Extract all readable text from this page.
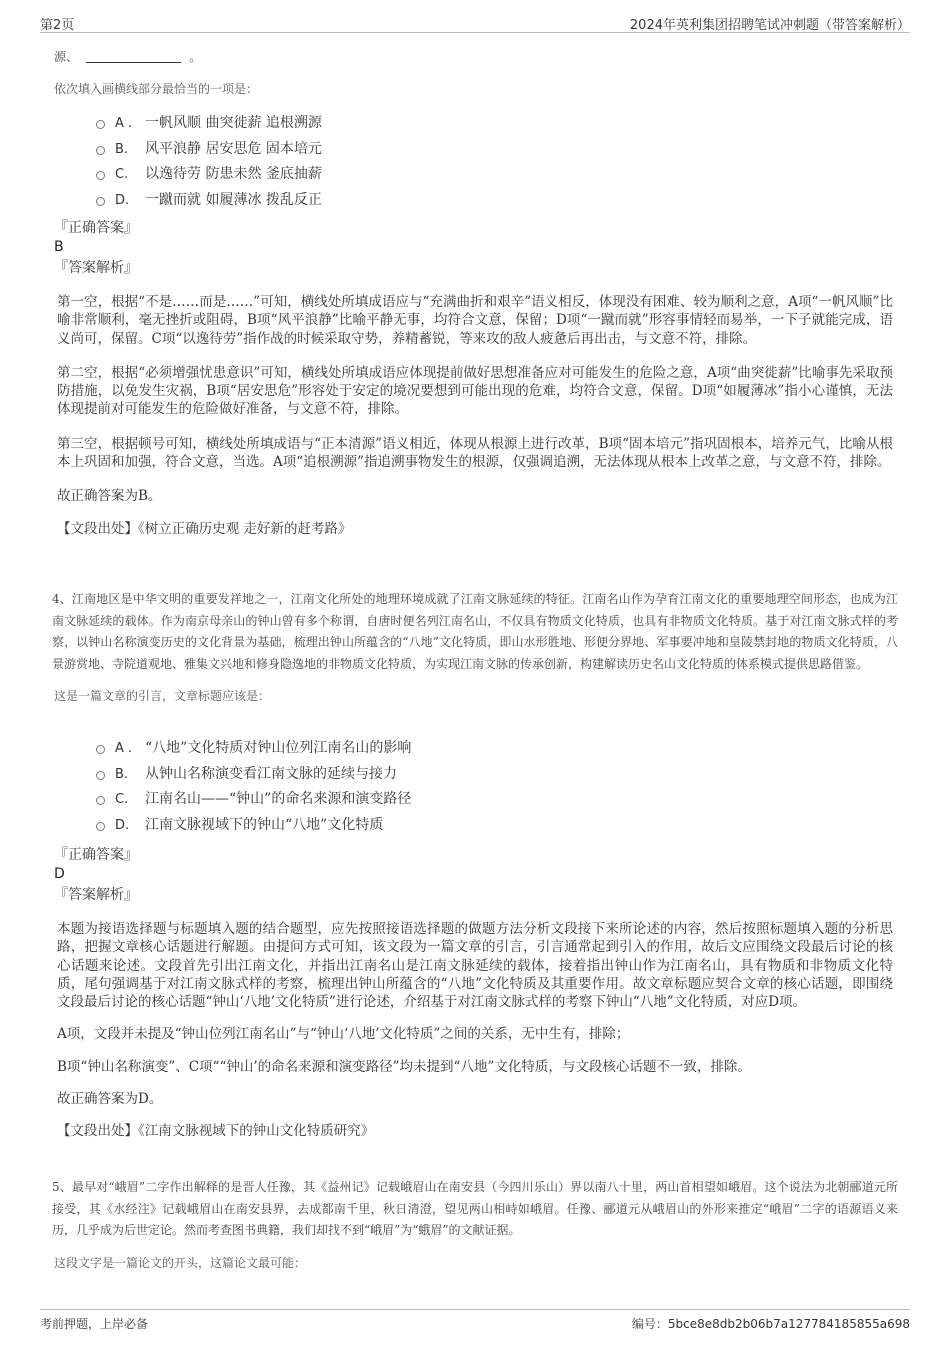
第2页	2024年英利集团招聘笔试冲刺题（带答案解析）
源、	。

依次填入画横线部分最恰当的一项是：

A . 一帆风顺 曲突徙薪 追根溯源
B. 风平浪静 居安思危 固本培元
C. 以逸待劳 防患未然 釜底抽薪
D. 一蹴而就 如履薄冰 拨乱反正

『正确答案』

B

『答案解析』

第一空，根据“不是……而是……”可知，横线处所填成语应与“充满曲折和艰辛”语义相反，体现没有困难、较为顺利之意，A项“一帆风顺”比喻非常顺利，毫无挫折或阻碍，B项“风平浪静”比喻平静无事，均符合文意，保留；D项“一蹴而就”形容事情轻而易举，一下子就能完成，语义尚可，保留。C项“以逸待劳”指作战的时候采取守势，养精蓄锐，等来攻的敌人疲惫后再出击，与文意不符，排除。

第二空，根据“必须增强忧患意识”可知，横线处所填成语应体现提前做好思想准备应对可能发生的危险之意，A项“曲突徙薪”比喻事先采取预防措施，以免发生灾祸，B项“居安思危”形容处于安定的境况要想到可能出现的危难，均符合文意，保留。D项“如履薄冰”指小心谨慎，无法体现提前对可能发生的危险做好准备，与文意不符，排除。

第三空，根据顿号可知，横线处所填成语与“正本清源”语义相近，体现从根源上进行改革，B项“固本培元”指巩固根本，培养元气，比喻从根本上巩固和加强，符合文意，当选。A项“追根溯源”指追溯事物发生的根源，仅强调追溯，无法体现从根本上改革之意，与文意不符，排除。

故正确答案为B。

【文段出处】《树立正确历史观 走好新的赶考路》

4、江南地区是中华文明的重要发祥地之一，江南文化所处的地理环境成就了江南文脉延续的特征。江南名山作为孕育江南文化的重要地理空间形态，也成为江南文脉延续的载体。作为南京母亲山的钟山曾有多个称谓，自唐时便名列江南名山，不仅具有物质文化特质，也具有非物质文化特质。基于对江南文脉式样的考察，以钟山名称演变历史的文化背景为基础，梳理出钟山所蕴含的“八地”文化特质，即山水形胜地、形便分界地、军事要冲地和皇陵禁封地的物质文化特质，八景游赏地、寺院道观地、雅集文兴地和修身隐逸地的非物质文化特质，为实现江南文脉的传承创新，构建解读历史名山文化特质的体系模式提供思路借鉴。

这是一篇文章的引言，文章标题应该是：

A . “八地”文化特质对钟山位列江南名山的影响
B. 从钟山名称演变看江南文脉的延续与接力
C. 江南名山——“钟山”的命名来源和演变路径
D. 江南文脉视域下的钟山“八地”文化特质

『正确答案』

D

『答案解析』

本题为接语选择题与标题填入题的结合题型，应先按照接语选择题的做题方法分析文段接下来所论述的内容，然后按照标题填入题的分析思路，把握文章核心话题进行解题。由提问方式可知，该文段为一篇文章的引言，引言通常起到引入的作用，故后文应围绕文段最后讨论的核心话题来论述。文段首先引出江南文化，并指出江南名山是江南文脉延续的载体，接着指出钟山作为江南名山，具有物质和非物质文化特质，尾句强调基于对江南文脉式样的考察，梳理出钟山所蕴含的“八地”文化特质及其重要作用。故文章标题应契合文章的核心话题，即围绕文段最后讨论的核心话题“钟山‘八地’文化特质”进行论述，介绍基于对江南文脉式样的考察下钟山“八地”文化特质，对应D项。

A项，文段并未提及“钟山位列江南名山”与“钟山‘八地’文化特质”之间的关系，无中生有，排除；

B项“钟山名称演变”、C项““钟山’的命名来源和演变路径”均未提到“八地”文化特质，与文段核心话题不一致，排除。

故正确答案为D。

【文段出处】《江南文脉视域下的钟山文化特质研究》

5、最早对“峨眉”二字作出解释的是晋人任豫，其《益州记》记载峨眉山在南安县（今四川乐山）界以南八十里，两山首相望如峨眉。这个说法为北朝郦道元所接受，其《水经注》记载峨眉山在南安县界，去成都南千里，秋日清澄，望见两山相峙如峨眉。任豫、郦道元从峨眉山的外形来推定“峨眉”二字的语源语义来历，几乎成为后世定论。然而考查图书典籍，我们却找不到“峨眉”为“蛾眉”的文献证据。

这段文字是一篇论文的开头，这篇论文最可能：

考前押题，上岸必备	编号：5bce8e8db2b06b7a127784185855a698
